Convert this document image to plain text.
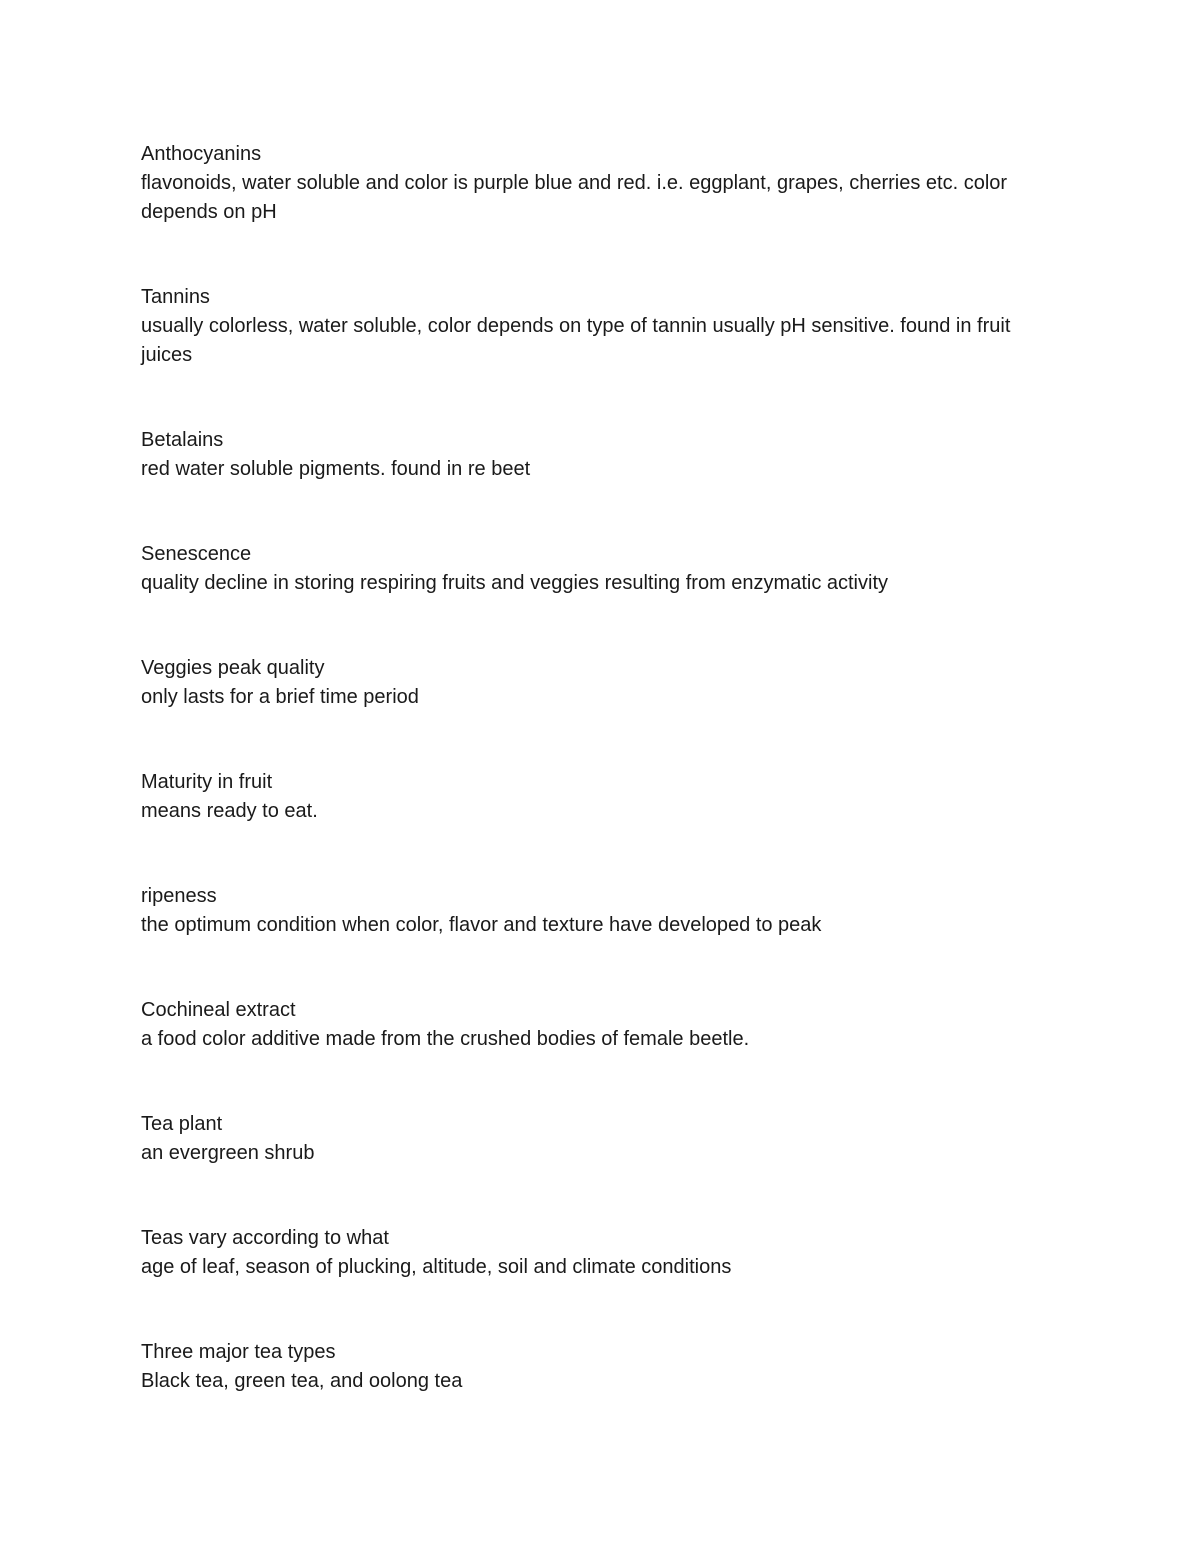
Anthocyanins

flavonoids, water soluble and color is purple blue and red. i.e. eggplant, grapes, cherries etc. color depends on pH

Tannins

usually colorless, water soluble, color depends on type of tannin usually pH sensitive. found in fruit juices

Betalains

red water soluble pigments. found in re beet

Senescence

quality decline in storing respiring fruits and veggies resulting from enzymatic activity

Veggies peak quality

only lasts for a brief time period

Maturity in fruit

means ready to eat.

ripeness

the optimum condition when color, flavor and texture have developed to peak

Cochineal extract

a food color additive made from the crushed bodies of female beetle.

Tea plant

an evergreen shrub

Teas vary according to what

age of leaf, season of plucking, altitude, soil and climate conditions

Three major tea types

Black tea, green tea, and oolong tea
